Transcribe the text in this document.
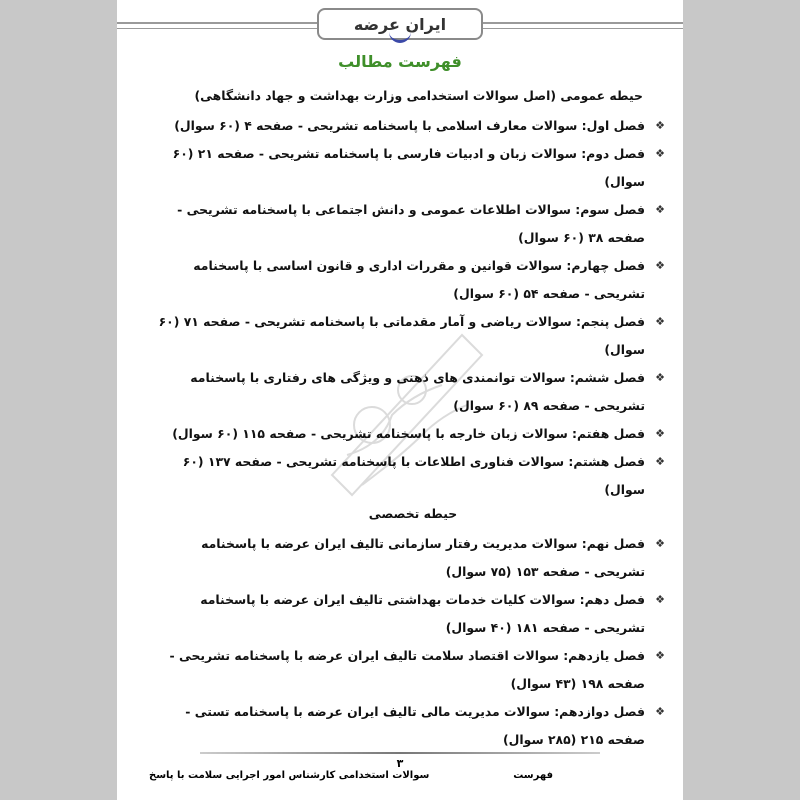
ایران عرضه
فهرست مطالب
حیطه عمومی (اصل سوالات استخدامی وزارت بهداشت و جهاد دانشگاهی)
❖
فصل اول: سوالات معارف اسلامی با پاسخنامه تشریحی - صفحه ۴ (۶۰ سوال)
❖
فصل دوم: سوالات زبان و ادبیات فارسی با پاسخنامه تشریحی - صفحه ۲۱ (۶۰ سوال)
❖
فصل سوم: سوالات اطلاعات عمومی و دانش اجتماعی با پاسخنامه تشریحی - صفحه ۳۸ (۶۰ سوال)
❖
فصل چهارم: سوالات قوانین و مقررات اداری و قانون اساسی با پاسخنامه تشریحی - صفحه ۵۴ (۶۰ سوال)
❖
فصل پنجم: سوالات ریاضی و آمار مقدماتی با پاسخنامه تشریحی - صفحه ۷۱ (۶۰ سوال)
❖
فصل ششم: سوالات توانمندی های ذهنی و ویژگی های رفتاری با پاسخنامه تشریحی - صفحه ۸۹ (۶۰ سوال)
❖
فصل هفتم: سوالات زبان خارجه با پاسخنامه تشریحی - صفحه ۱۱۵ (۶۰ سوال)
❖
فصل هشتم: سوالات فناوری اطلاعات با پاسخنامه تشریحی - صفحه ۱۳۷ (۶۰ سوال)
حیطه تخصصی
❖
فصل نهم: سوالات مدیریت رفتار سازمانی تالیف ایران عرضه با پاسخنامه تشریحی - صفحه ۱۵۳ (۷۵ سوال)
❖
فصل دهم: سوالات کلیات خدمات بهداشتی تالیف ایران عرضه با پاسخنامه تشریحی - صفحه ۱۸۱ (۴۰ سوال)
❖
فصل یازدهم: سوالات اقتصاد سلامت تالیف ایران عرضه با پاسخنامه تشریحی - صفحه ۱۹۸ (۴۳ سوال)
❖
فصل دوازدهم: سوالات مدیریت مالی تالیف ایران عرضه با پاسخنامه تستی - صفحه ۲۱۵ (۲۸۵ سوال)
۳
فهرست
سوالات استخدامی کارشناس امور اجرایی سلامت با پاسخ
